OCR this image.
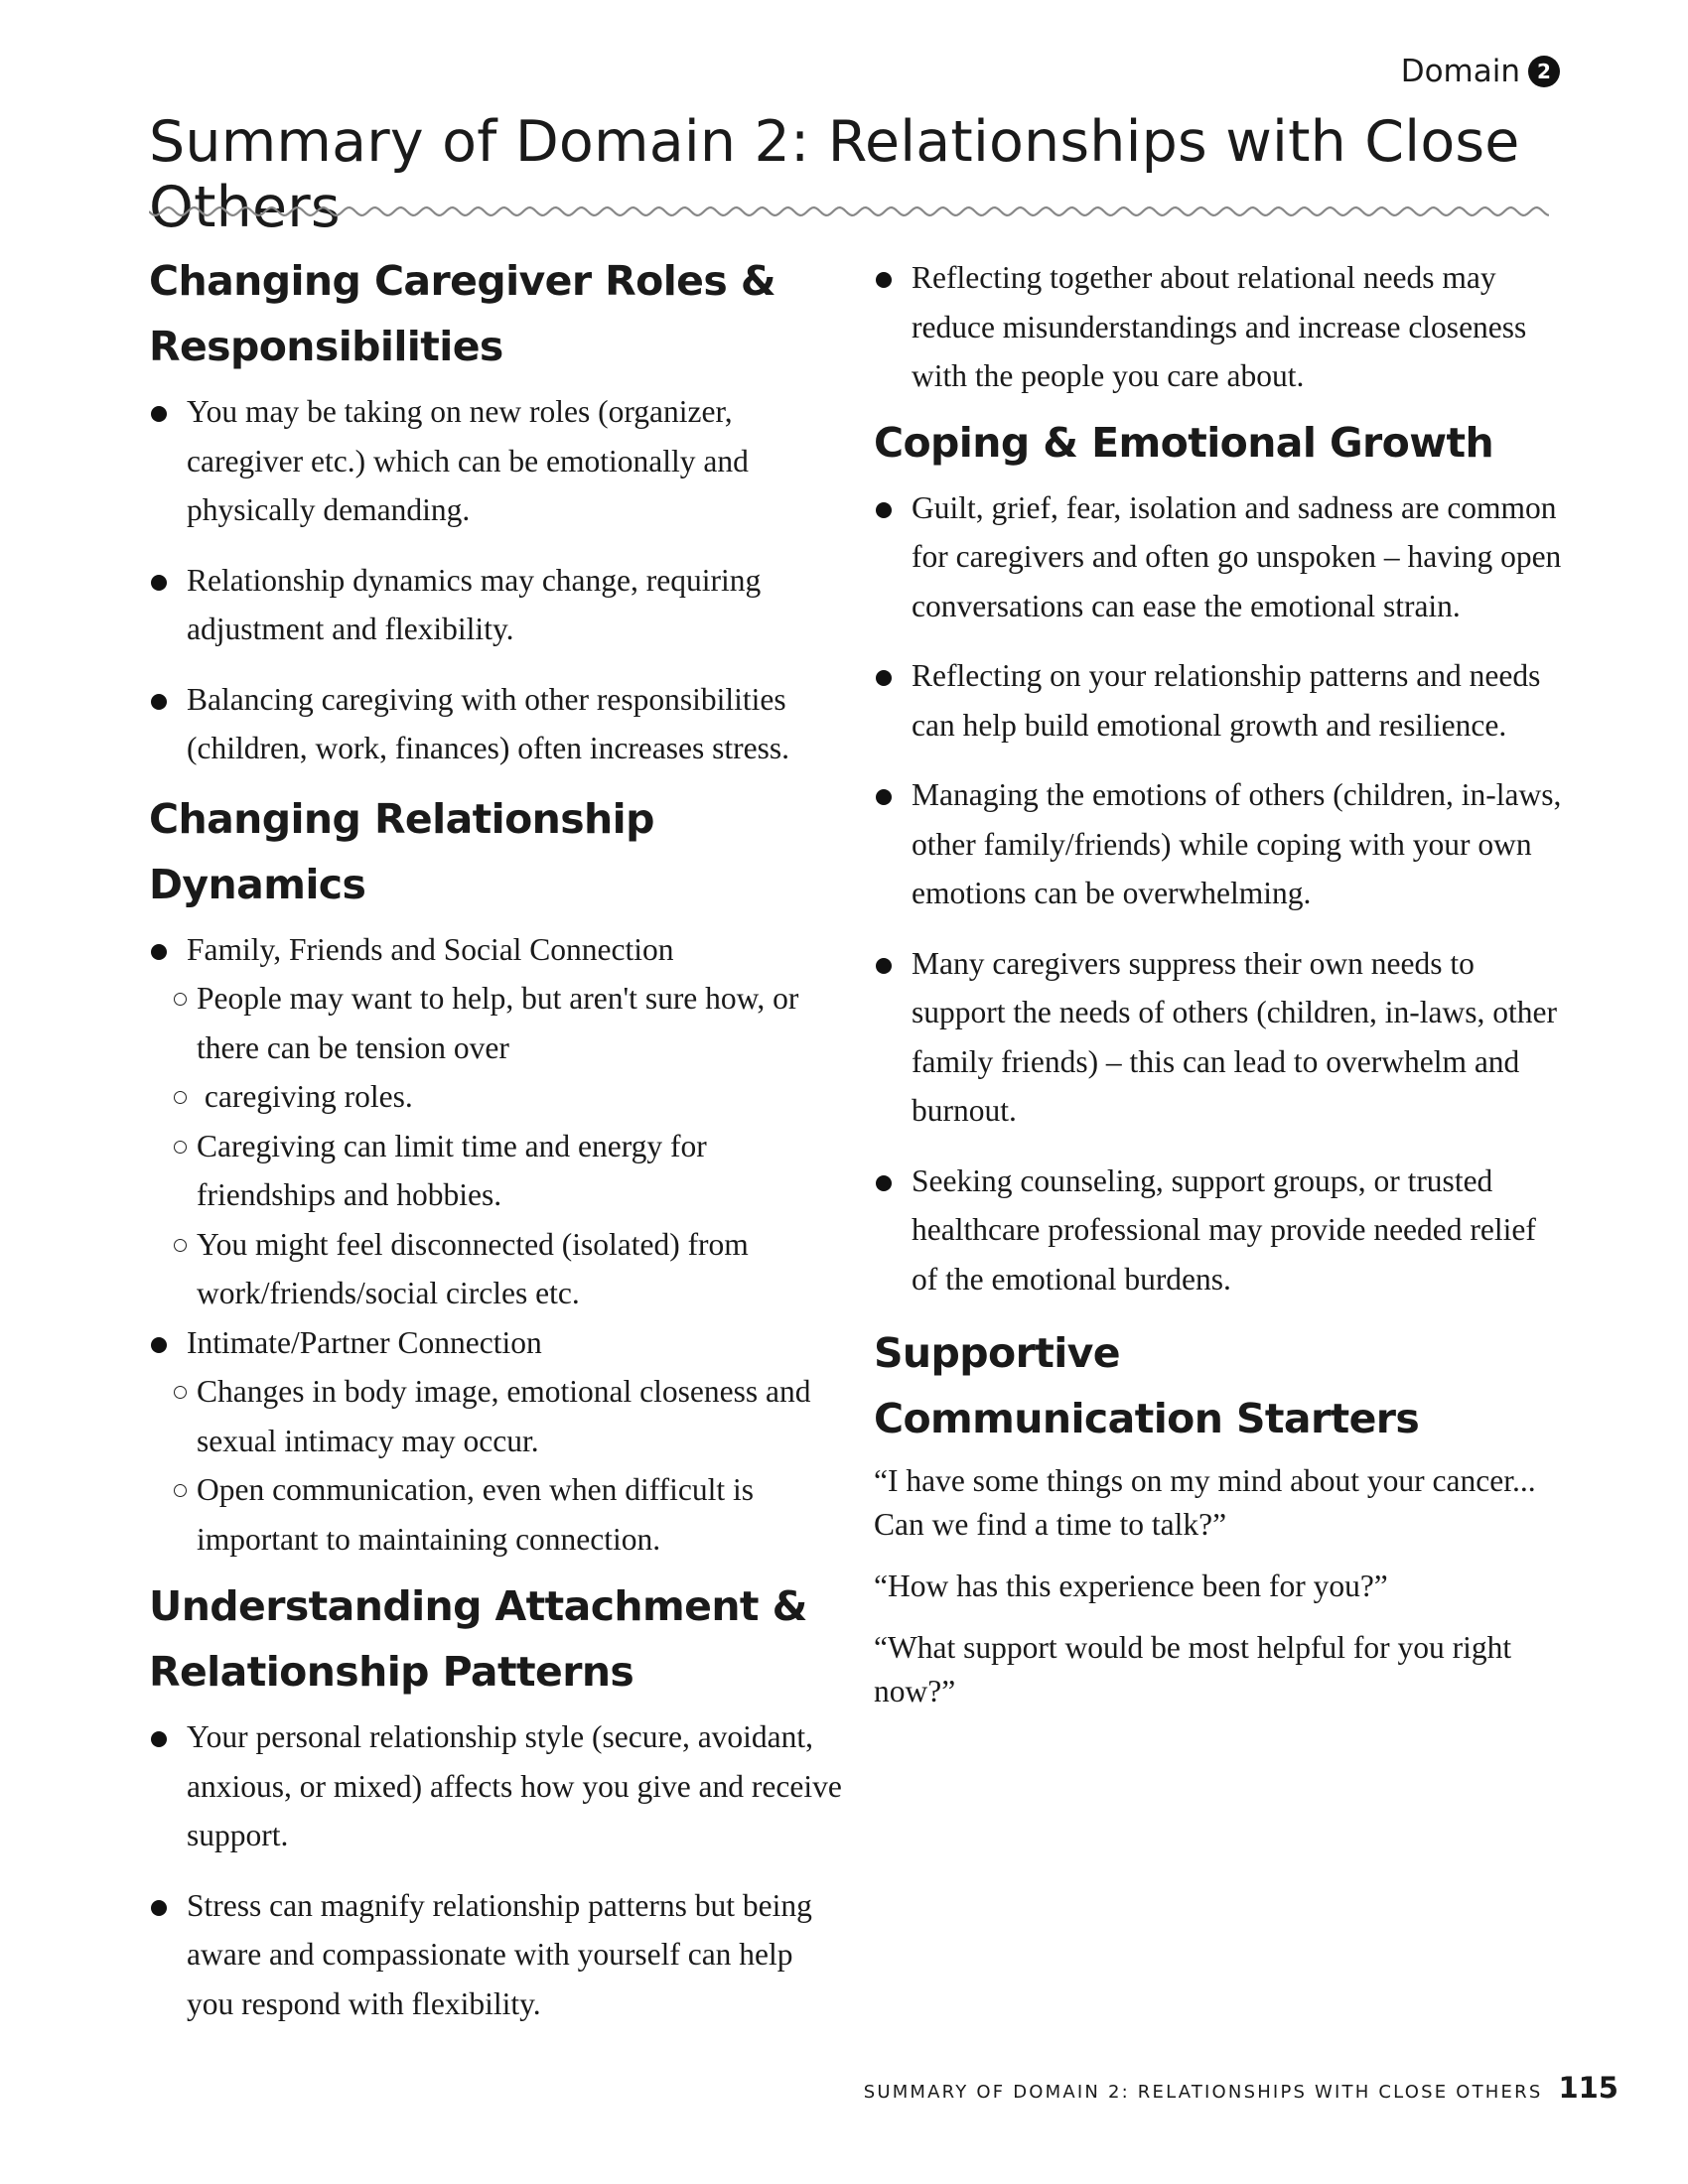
Domain 2
Summary of Domain 2: Relationships with Close Others
Changing Caregiver Roles & Responsibilities
You may be taking on new roles (organizer, caregiver etc.) which can be emotionally and physically demanding.
Relationship dynamics may change, requiring adjustment and flexibility.
Balancing caregiving with other responsibilities (children, work, finances) often increases stress.
Changing Relationship Dynamics
Family, Friends and Social Connection
People may want to help, but aren't sure how, or there can be tension over
caregiving roles.
Caregiving can limit time and energy for friendships and hobbies.
You might feel disconnected (isolated) from work/friends/social circles etc.
Intimate/Partner Connection
Changes in body image, emotional closeness and sexual intimacy may occur.
Open communication, even when difficult is important to maintaining connection.
Understanding Attachment & Relationship Patterns
Your personal relationship style (secure, avoidant, anxious, or mixed) affects how you give and receive support.
Stress can magnify relationship patterns but being aware and compassionate with yourself can help you respond with flexibility.
Reflecting together about relational needs may reduce misunderstandings and increase closeness with the people you care about.
Coping & Emotional Growth
Guilt, grief, fear, isolation and sadness are common for caregivers and often go unspoken – having open conversations can ease the emotional strain.
Reflecting on your relationship patterns and needs can help build emotional growth and resilience.
Managing the emotions of others (children, in-laws, other family/friends) while coping with your own emotions can be overwhelming.
Many caregivers suppress their own needs to support the needs of others (children, in-laws, other family friends) – this can lead to overwhelm and burnout.
Seeking counseling, support groups, or trusted healthcare professional may provide needed relief of the emotional burdens.
Supportive Communication Starters

“I have some things on my mind about your cancer... Can we find a time to talk?”

“How has this experience been for you?”

“What support would be most helpful for you right now?”

SUMMARY OF DOMAIN 2: RELATIONSHIPS WITH CLOSE OTHERS 115
